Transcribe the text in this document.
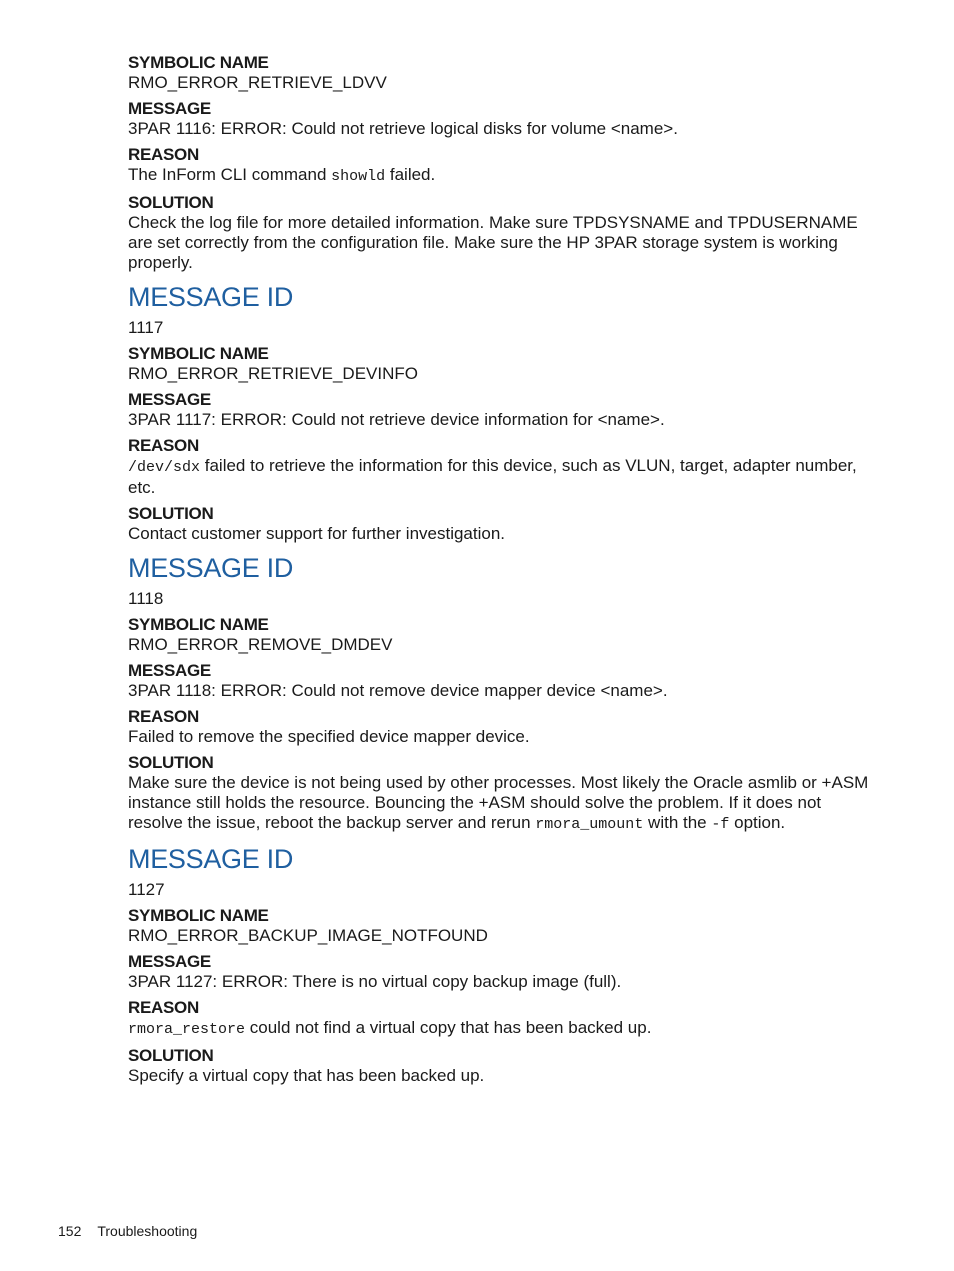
SYMBOLIC NAME

RMO_ERROR_RETRIEVE_LDVV

MESSAGE

3PAR 1116: ERROR: Could not retrieve logical disks for volume <name>.

REASON

The InForm CLI command showld failed.

SOLUTION

Check the log file for more detailed information. Make sure TPDSYSNAME and TPDUSERNAME are set correctly from the configuration file. Make sure the HP 3PAR storage system is working properly.

MESSAGE ID

1117

SYMBOLIC NAME

RMO_ERROR_RETRIEVE_DEVINFO

MESSAGE

3PAR 1117: ERROR: Could not retrieve device information for <name>.

REASON

/dev/sdx failed to retrieve the information for this device, such as VLUN, target, adapter number, etc.

SOLUTION

Contact customer support for further investigation.

MESSAGE ID

1118

SYMBOLIC NAME

RMO_ERROR_REMOVE_DMDEV

MESSAGE

3PAR 1118: ERROR: Could not remove device mapper device <name>.

REASON

Failed to remove the specified device mapper device.

SOLUTION

Make sure the device is not being used by other processes. Most likely the Oracle asmlib or +ASM instance still holds the resource. Bouncing the +ASM should solve the problem. If it does not resolve the issue, reboot the backup server and rerun rmora_umount with the -f option.

MESSAGE ID

1127

SYMBOLIC NAME

RMO_ERROR_BACKUP_IMAGE_NOTFOUND

MESSAGE

3PAR 1127: ERROR: There is no virtual copy backup image (full).

REASON

rmora_restore could not find a virtual copy that has been backed up.

SOLUTION

Specify a virtual copy that has been backed up.

152 Troubleshooting
